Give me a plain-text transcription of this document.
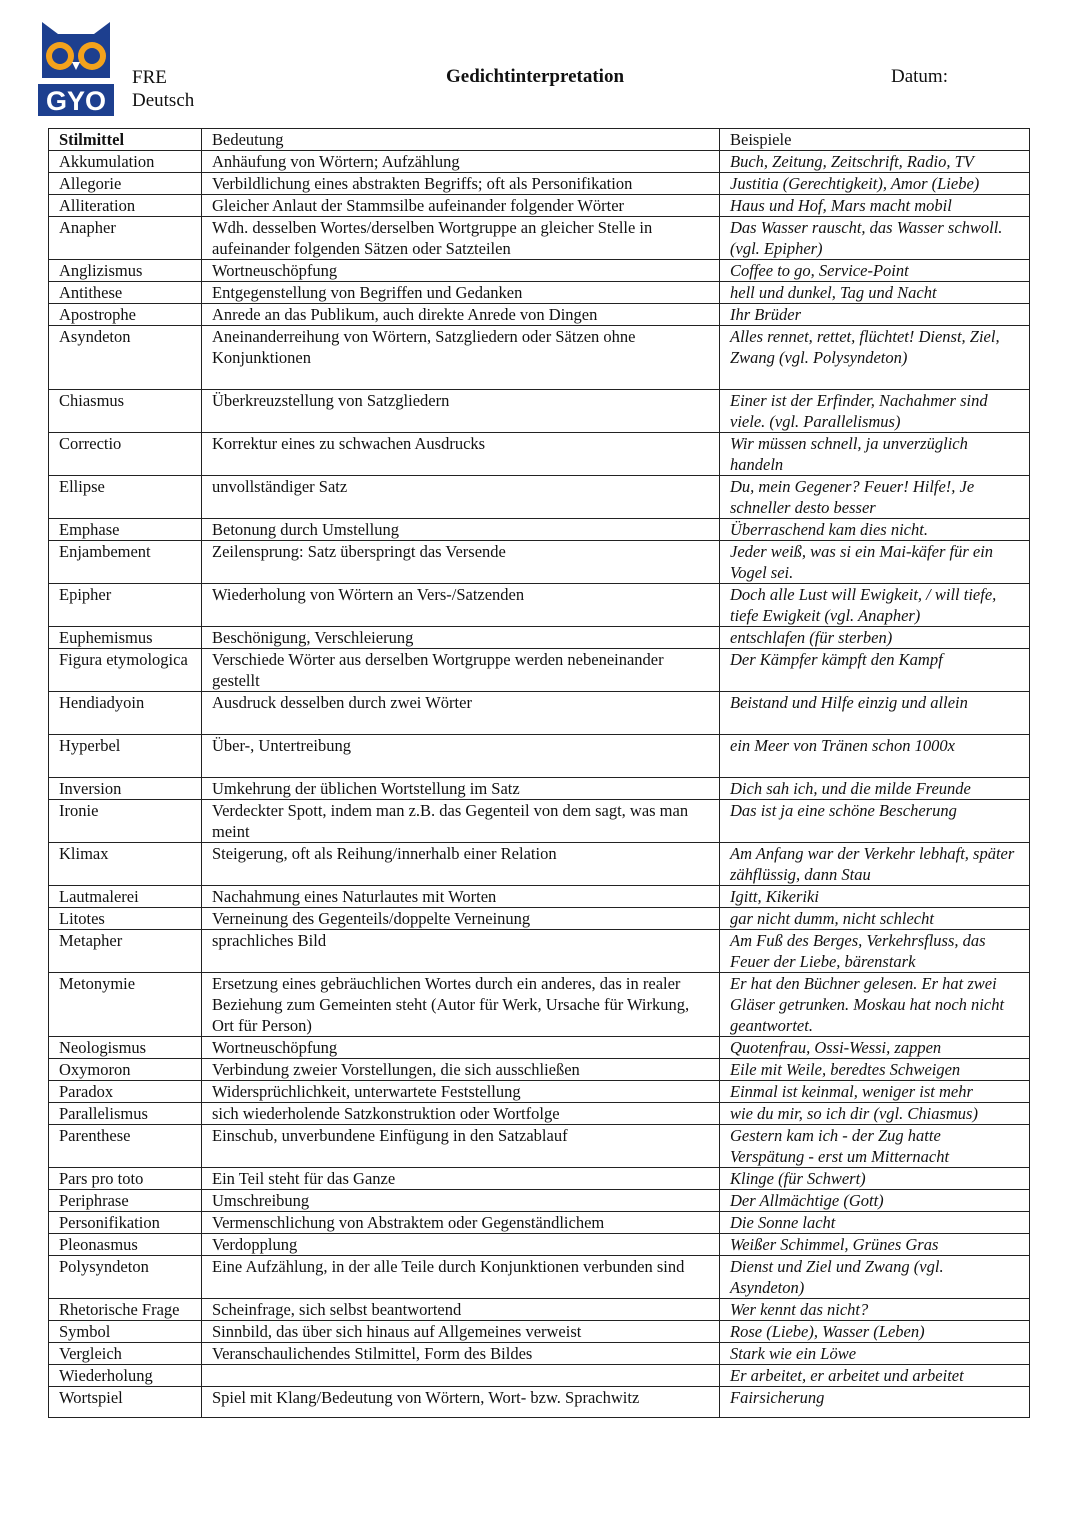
GYO
FRE
Deutsch
Gedichtinterpretation	Datum:
Stilmittel	Bedeutung	Beispiele
Akkumulation	Anhäufung von Wörtern; Aufzählung	Buch, Zeitung, Zeitschrift, Radio, TV
Allegorie	Verbildlichung eines abstrakten Begriffs; oft als Personifikation	Justitia (Gerechtigkeit), Amor (Liebe)
Alliteration	Gleicher Anlaut der Stammsilbe aufeinander folgender Wörter	Haus und Hof, Mars macht mobil
Anapher	Wdh. desselben Wortes/derselben Wortgruppe an gleicher Stelle in aufeinander folgenden Sätzen oder Satzteilen	Das Wasser rauscht, das Wasser schwoll. (vgl. Epipher)
Anglizismus	Wortneuschöpfung	Coffee to go, Service-Point
Antithese	Entgegenstellung von Begriffen und Gedanken	hell und dunkel, Tag und Nacht
Apostrophe	Anrede an das Publikum, auch direkte Anrede von Dingen	Ihr Brüder
Asyndeton	Aneinanderreihung von Wörtern, Satzgliedern oder Sätzen ohne Konjunktionen	Alles rennet, rettet, flüchtet! Dienst, Ziel, Zwang (vgl. Polysyndeton)
Chiasmus	Überkreuzstellung von Satzgliedern	Einer ist der Erfinder, Nachahmer sind viele. (vgl. Parallelismus)
Correctio	Korrektur eines zu schwachen Ausdrucks	Wir müssen schnell, ja unverzüglich handeln
Ellipse	unvollständiger Satz	Du, mein Gegener? Feuer! Hilfe!, Je schneller desto besser
Emphase	Betonung durch Umstellung	Überraschend kam dies nicht.
Enjambement	Zeilensprung: Satz überspringt das Versende	Jeder weiß, was si ein Mai-käfer für ein Vogel sei.
Epipher	Wiederholung von Wörtern an Vers-/Satzenden	Doch alle Lust will Ewigkeit, / will tiefe, tiefe Ewigkeit (vgl. Anapher)
Euphemismus	Beschönigung, Verschleierung	entschlafen (für sterben)
Figura etymologica	Verschiede Wörter aus derselben Wortgruppe werden nebeneinander gestellt	Der Kämpfer kämpft den Kampf
Hendiadyoin	Ausdruck desselben durch zwei Wörter	Beistand und Hilfe einzig und allein
Hyperbel	Über-, Untertreibung	ein Meer von Tränen schon 1000x
Inversion	Umkehrung der üblichen Wortstellung im Satz	Dich sah ich, und die milde Freunde
Ironie	Verdeckter Spott, indem man z.B. das Gegenteil von dem sagt, was man meint	Das ist ja eine schöne Bescherung
Klimax	Steigerung, oft als Reihung/innerhalb einer Relation	Am Anfang war der Verkehr lebhaft, später zähflüssig, dann Stau
Lautmalerei	Nachahmung eines Naturlautes mit Worten	Igitt, Kikeriki
Litotes	Verneinung des Gegenteils/doppelte Verneinung	gar nicht dumm, nicht schlecht
Metapher	sprachliches Bild	Am Fuß des Berges, Verkehrsfluss, das Feuer der Liebe, bärenstark
Metonymie	Ersetzung eines gebräuchlichen Wortes durch ein anderes, das in realer Beziehung zum Gemeinten steht (Autor für Werk, Ursache für Wirkung, Ort für Person)	Er hat den Büchner gelesen. Er hat zwei Gläser getrunken. Moskau hat noch nicht geantwortet.
Neologismus	Wortneuschöpfung	Quotenfrau, Ossi-Wessi, zappen
Oxymoron	Verbindung zweier Vorstellungen, die sich ausschließen	Eile mit Weile, beredtes Schweigen
Paradox	Widersprüchlichkeit, unterwartete Feststellung	Einmal ist keinmal, weniger ist mehr
Parallelismus	sich wiederholende Satzkonstruktion oder Wortfolge	wie du mir, so ich dir (vgl. Chiasmus)
Parenthese	Einschub, unverbundene Einfügung in den Satzablauf	Gestern kam ich - der Zug hatte Verspätung - erst um Mitternacht
Pars pro toto	Ein Teil steht für das Ganze	Klinge (für Schwert)
Periphrase	Umschreibung	Der Allmächtige (Gott)
Personifikation	Vermenschlichung von Abstraktem oder Gegenständlichem	Die Sonne lacht
Pleonasmus	Verdopplung	Weißer Schimmel, Grünes Gras
Polysyndeton	Eine Aufzählung, in der alle Teile durch Konjunktionen verbunden sind	Dienst und Ziel und Zwang (vgl. Asyndeton)
Rhetorische Frage	Scheinfrage, sich selbst beantwortend	Wer kennt das nicht?
Symbol	Sinnbild, das über sich hinaus auf Allgemeines verweist	Rose (Liebe), Wasser (Leben)
Vergleich	Veranschaulichendes Stilmittel, Form des Bildes	Stark wie ein Löwe
Wiederholung		Er arbeitet, er arbeitet und arbeitet
Wortspiel	Spiel mit Klang/Bedeutung von Wörtern, Wort- bzw. Sprachwitz	Fairsicherung
